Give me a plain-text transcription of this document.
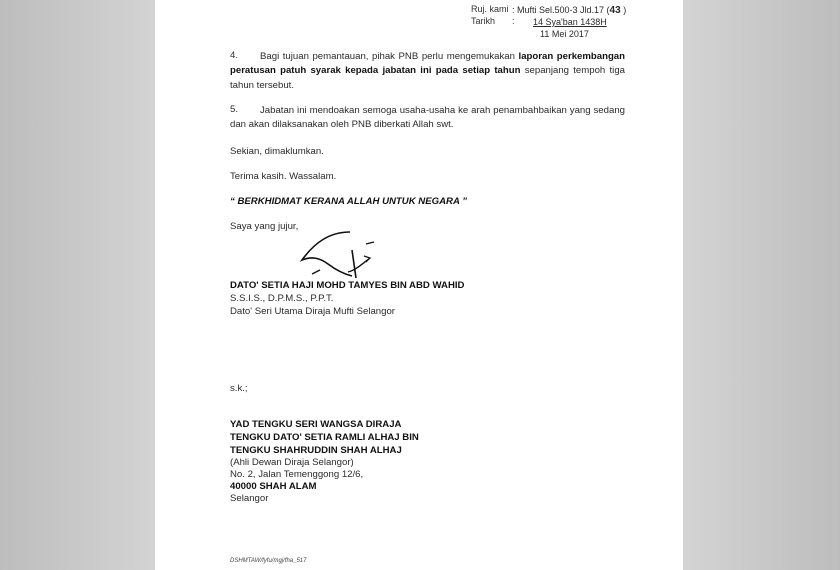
Ruj. kami : Mufti Sel.500-3 Jld.17 (43 )
Tarikh : 14 Sya'ban 1438H
11 Mei 2017
4.	Bagi tujuan pemantauan, pihak PNB perlu mengemukakan laporan perkembangan peratusan patuh syarak kepada jabatan ini pada setiap tahun sepanjang tempoh tiga tahun tersebut.
5.	Jabatan ini mendoakan semoga usaha-usaha ke arah penambahbaikan yang sedang dan akan dilaksanakan oleh PNB diberkati Allah swt.
Sekian, dimaklumkan.
Terima kasih. Wassalam.
“ BERKHIDMAT KERANA ALLAH UNTUK NEGARA ”
Saya yang jujur,
DATO' SETIA HAJI MOHD TAMYES BIN ABD WAHID
S.S.I.S., D.P.M.S., P.P.T.
Dato' Seri Utama Diraja Mufti Selangor
s.k.;
YAD TENGKU SERI WANGSA DIRAJA
TENGKU DATO' SETIA RAMLI ALHAJ BIN
TENGKU SHAHRUDDIN SHAH ALHAJ
(Ahli Dewan Diraja Selangor)
No. 2, Jalan Temenggong 12/6,
40000 SHAH ALAM
Selangor
DSHMTAW/fyfu/mgj/fha_517
